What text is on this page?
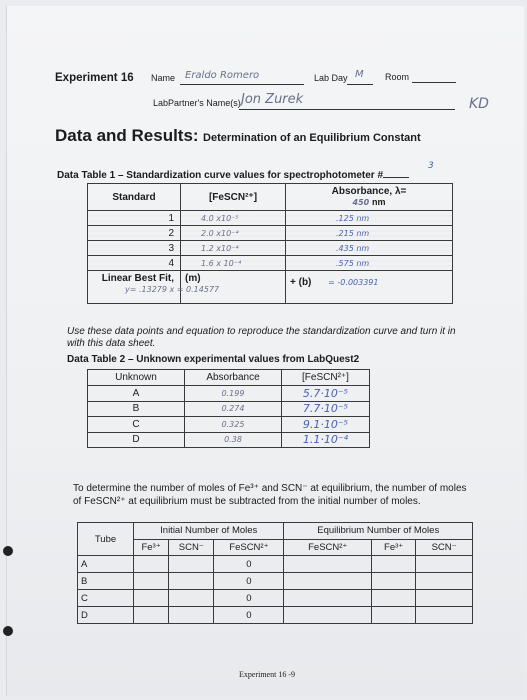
Experiment 16 Name Eraldo Romero	Lab Day M Room
LabPartner's Name(s) Jon Zurek	KD
Data and Results: Determination of an Equilibrium Constant
Data Table 1 – Standardization curve values for spectrophotometer #
3
Standard	[FeSCN²⁺]	Absorbance, λ=
450 nm
1	4.0 x10⁻⁵	.125 nm
2	2.0 x10⁻⁴	.215 nm
3	1.2 x10⁻⁴	.435 nm
4	1.6 x 10⁻⁴	.575 nm
Linear Best Fit,	(m)	+ (b) = -0.003391
y= .13279 x = 0.14577
Use these data points and equation to reproduce the standardization curve and turn it in with this data sheet.
Data Table 2 – Unknown experimental values from LabQuest2
Unknown	Absorbance	[FeSCN²⁺]
A	0.199	5.7·10⁻⁵
B	0.274	7.7·10⁻⁵
C	0.325	9.1·10⁻⁵
D	0.38	1.1·10⁻⁴
To determine the number of moles of Fe³⁺ and SCN⁻ at equilibrium, the number of moles of FeSCN²⁺ at equilibrium must be subtracted from the initial number of moles.
Tube	Initial Number of Moles			Equilibrium Number of Moles		
	Fe³⁺	SCN⁻	FeSCN²⁺	FeSCN²⁺	Fe³⁺	SCN⁻
A			0			
B			0			
C			0			
D			0			
Experiment 16 -9
